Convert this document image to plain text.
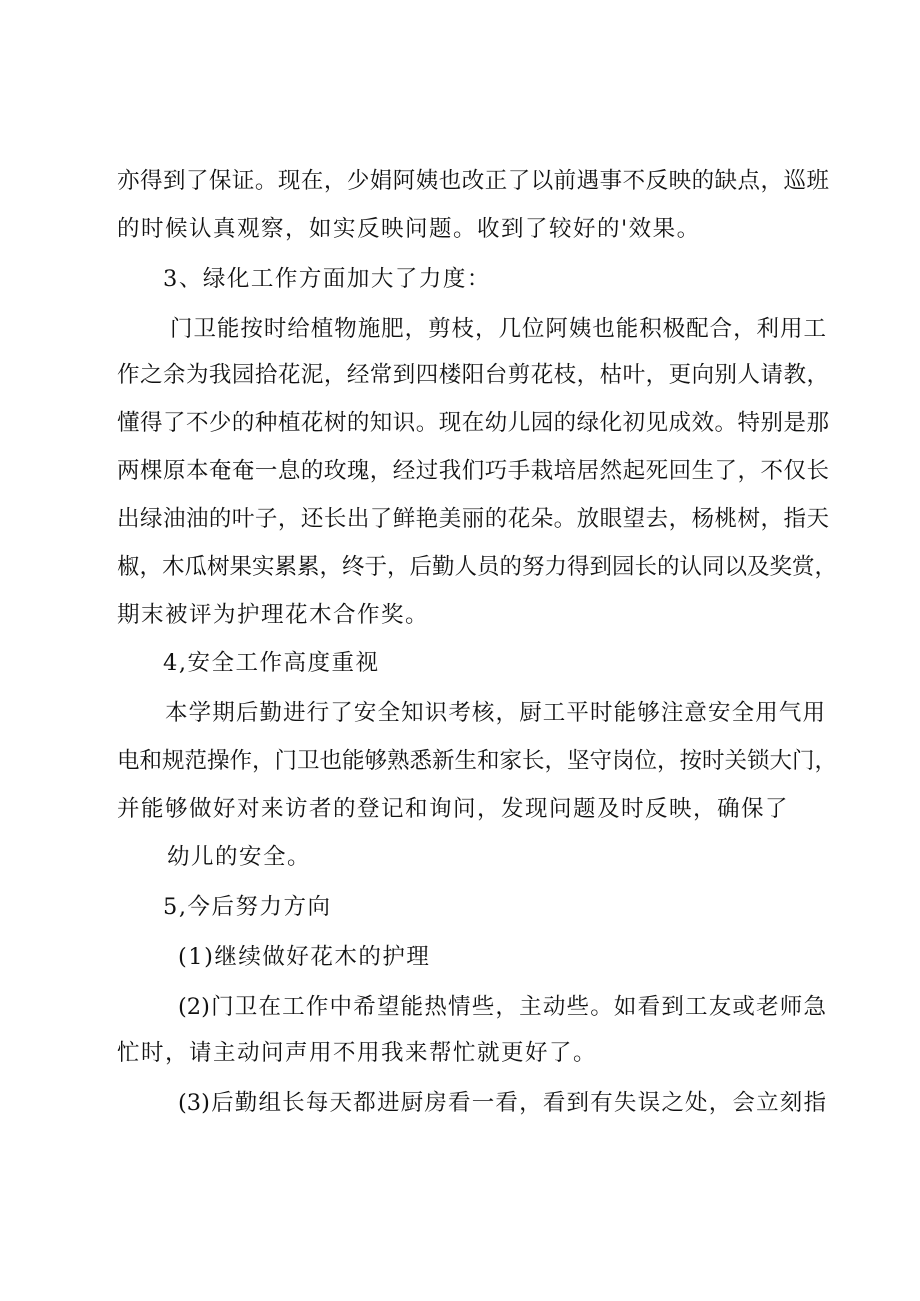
亦得到了保证。现在，少娟阿姨也改正了以前遇事不反映的缺点，巡班
的时候认真观察，如实反映问题。收到了较好的'效果。
3、绿化工作方面加大了力度：
门卫能按时给植物施肥，剪枝，几位阿姨也能积极配合，利用工
作之余为我园拾花泥，经常到四楼阳台剪花枝，枯叶，更向别人请教，
懂得了不少的种植花树的知识。现在幼儿园的绿化初见成效。特别是那
两棵原本奄奄一息的玫瑰，经过我们巧手栽培居然起死回生了，不仅长
出绿油油的叶子，还长出了鲜艳美丽的花朵。放眼望去，杨桃树，指天
椒，木瓜树果实累累，终于，后勤人员的努力得到园长的认同以及奖赏，
期末被评为护理花木合作奖。
4,安全工作高度重视
本学期后勤进行了安全知识考核，厨工平时能够注意安全用气用
电和规范操作，门卫也能够熟悉新生和家长，坚守岗位，按时关锁大门，
并能够做好对来访者的登记和询问，发现问题及时反映，确保了
幼儿的安全。
5,今后努力方向
(1)继续做好花木的护理
(2)门卫在工作中希望能热情些，主动些。如看到工友或老师急
忙时，请主动问声用不用我来帮忙就更好了。
(3)后勤组长每天都进厨房看一看，看到有失误之处，会立刻指
